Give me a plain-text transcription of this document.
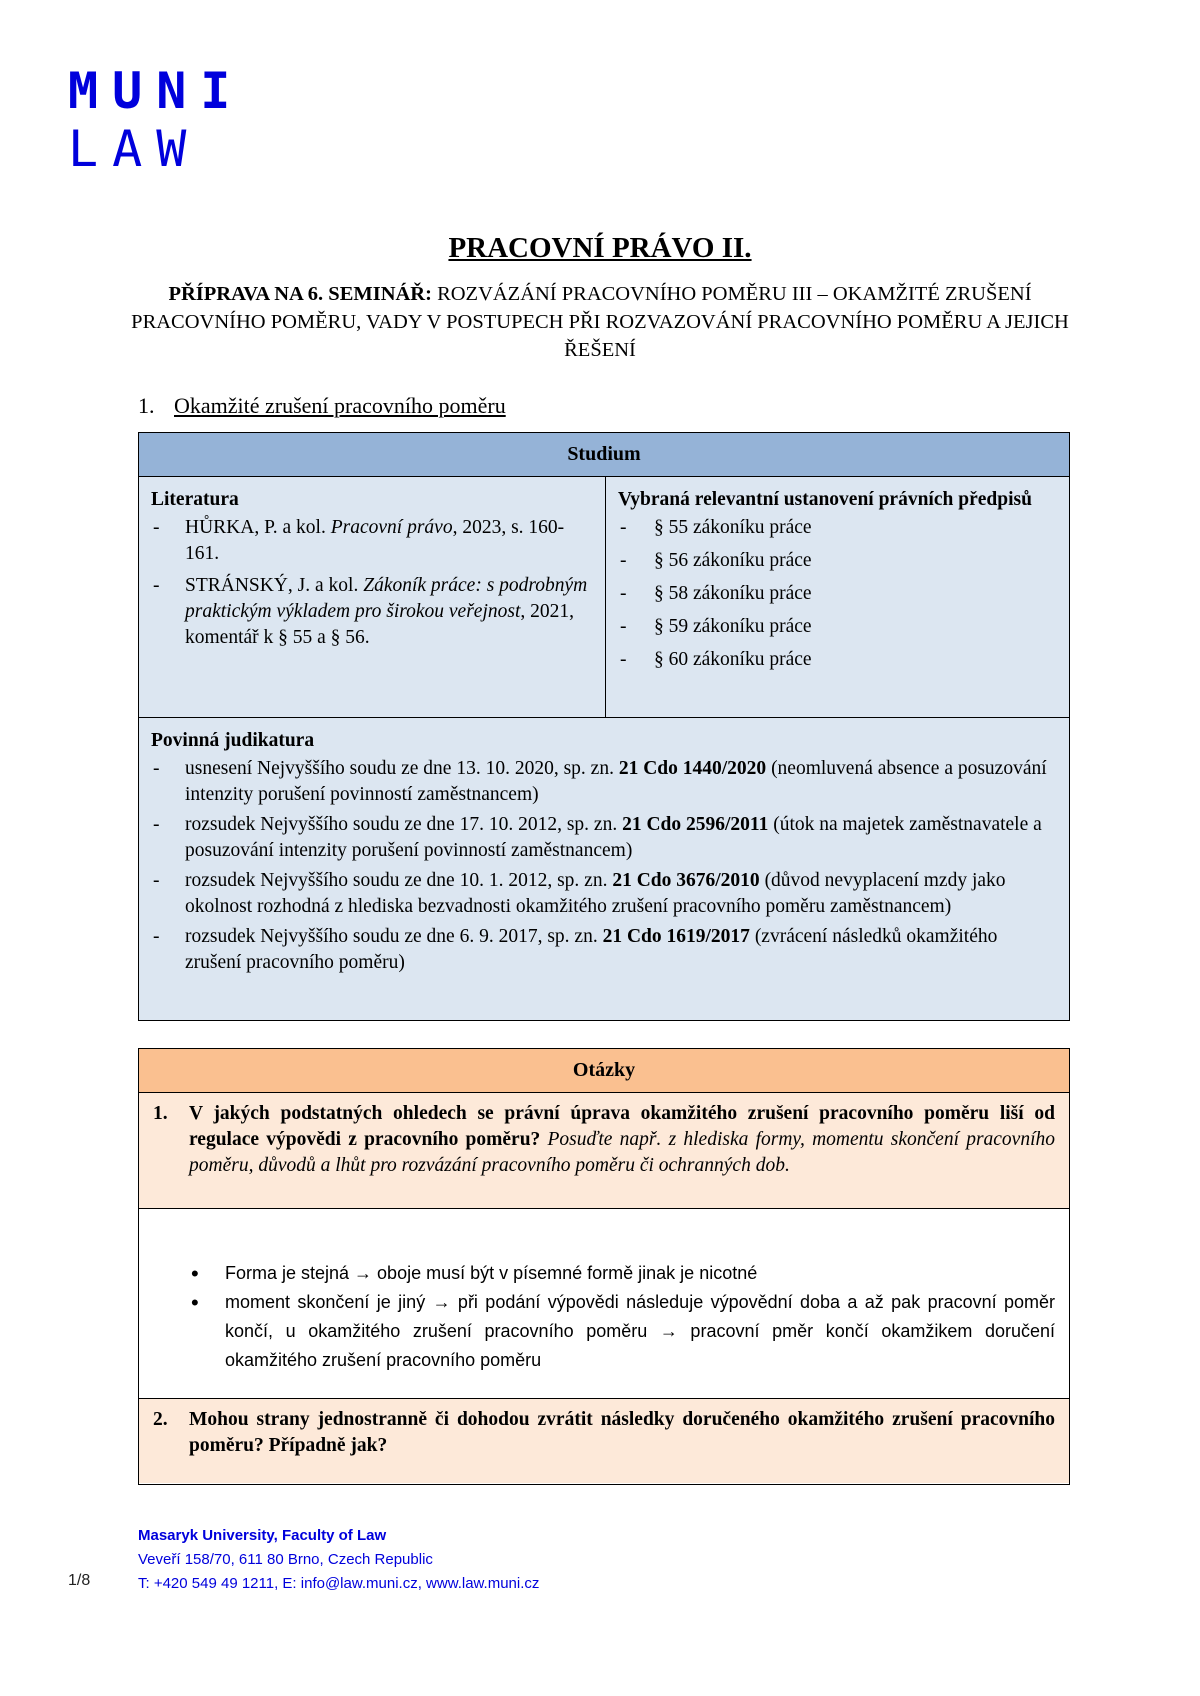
MUNI
LAW
PRACOVNÍ PRÁVO II.
PŘÍPRAVA NA 6. SEMINÁŘ: ROZVÁZÁNÍ PRACOVNÍHO POMĚRU III – OKAMŽITÉ ZRUŠENÍ PRACOVNÍHO POMĚRU, VADY V POSTUPECH PŘI ROZVAZOVÁNÍ PRACOVNÍHO POMĚRU A JEJICH ŘEŠENÍ
1. Okamžité zrušení pracovního poměru
Studium
Literatura
- HŮRKA, P. a kol. Pracovní právo, 2023, s. 160-161.
- STRÁNSKÝ, J. a kol. Zákoník práce: s podrobným praktickým výkladem pro širokou veřejnost, 2021, komentář k § 55 a § 56.
Vybraná relevantní ustanovení právních předpisů
- § 55 zákoníku práce
- § 56 zákoníku práce
- § 58 zákoníku práce
- § 59 zákoníku práce
- § 60 zákoníku práce
Povinná judikatura
- usnesení Nejvyššího soudu ze dne 13. 10. 2020, sp. zn. 21 Cdo 1440/2020 (neomluvená absence a posuzování intenzity porušení povinností zaměstnancem)
- rozsudek Nejvyššího soudu ze dne 17. 10. 2012, sp. zn. 21 Cdo 2596/2011 (útok na majetek zaměstnavatele a posuzování intenzity porušení povinností zaměstnancem)
- rozsudek Nejvyššího soudu ze dne 10. 1. 2012, sp. zn. 21 Cdo 3676/2010 (důvod nevyplacení mzdy jako okolnost rozhodná z hlediska bezvadnosti okamžitého zrušení pracovního poměru zaměstnancem)
- rozsudek Nejvyššího soudu ze dne 6. 9. 2017, sp. zn. 21 Cdo 1619/2017 (zvrácení následků okamžitého zrušení pracovního poměru)
Otázky
1.	V jakých podstatných ohledech se právní úprava okamžitého zrušení pracovního poměru liší od regulace výpovědi z pracovního poměru? Posuďte např. z hlediska formy, momentu skončení pracovního poměru, důvodů a lhůt pro rozvázání pracovního poměru či ochranných dob.
• Forma je stejná → oboje musí být v písemné formě jinak je nicotné
• moment skončení je jiný → při podání výpovědi následuje výpovědní doba a až pak pracovní poměr končí, u okamžitého zrušení pracovního poměru → pracovní pměr končí okamžikem doručení okamžitého zrušení pracovního poměru
2.	Mohou strany jednostranně či dohodou zvrátit následky doručeného okamžitého zrušení pracovního poměru? Případně jak?
Masaryk University, Faculty of Law
Veveří 158/70, 611 80 Brno, Czech Republic
T: +420 549 49 1211, E: info@law.muni.cz, www.law.muni.cz
1/8
